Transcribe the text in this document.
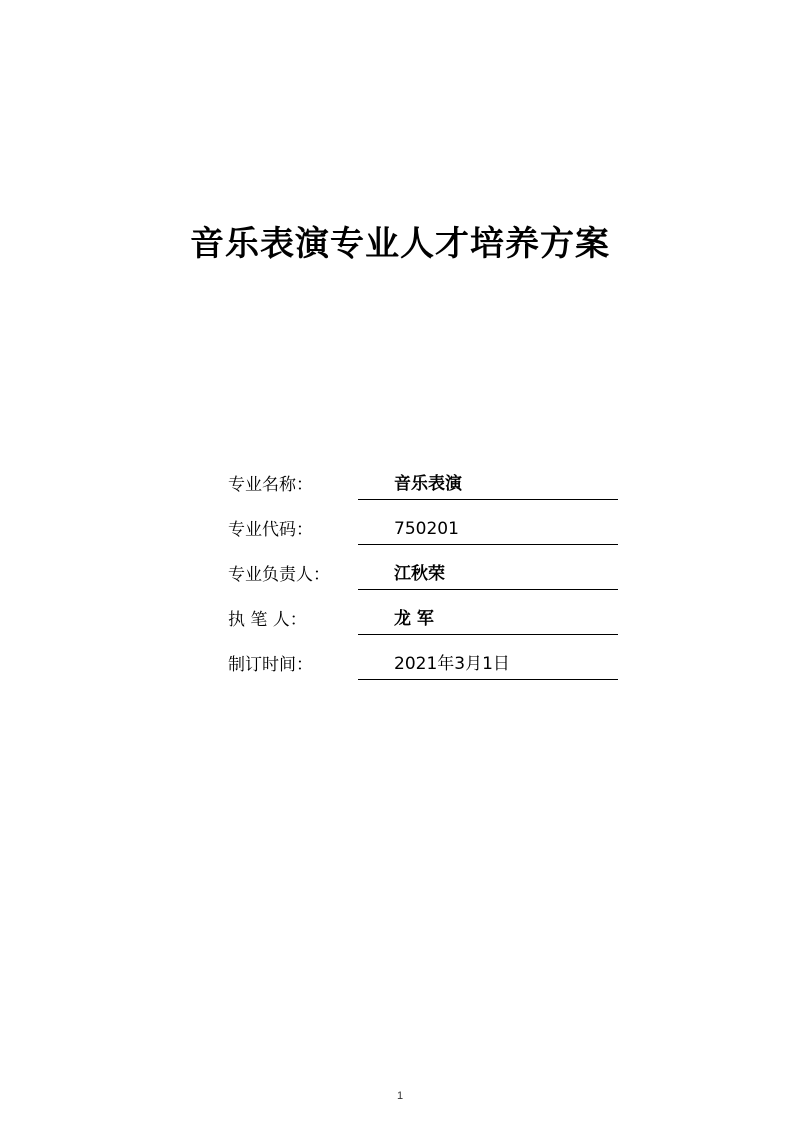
音乐表演专业人才培养方案
专业名称：	音乐表演
专业代码：	750201
专业负责人：	江秋荣
执 笔 人：	龙 军
制订时间：	2021年3月1日
1
